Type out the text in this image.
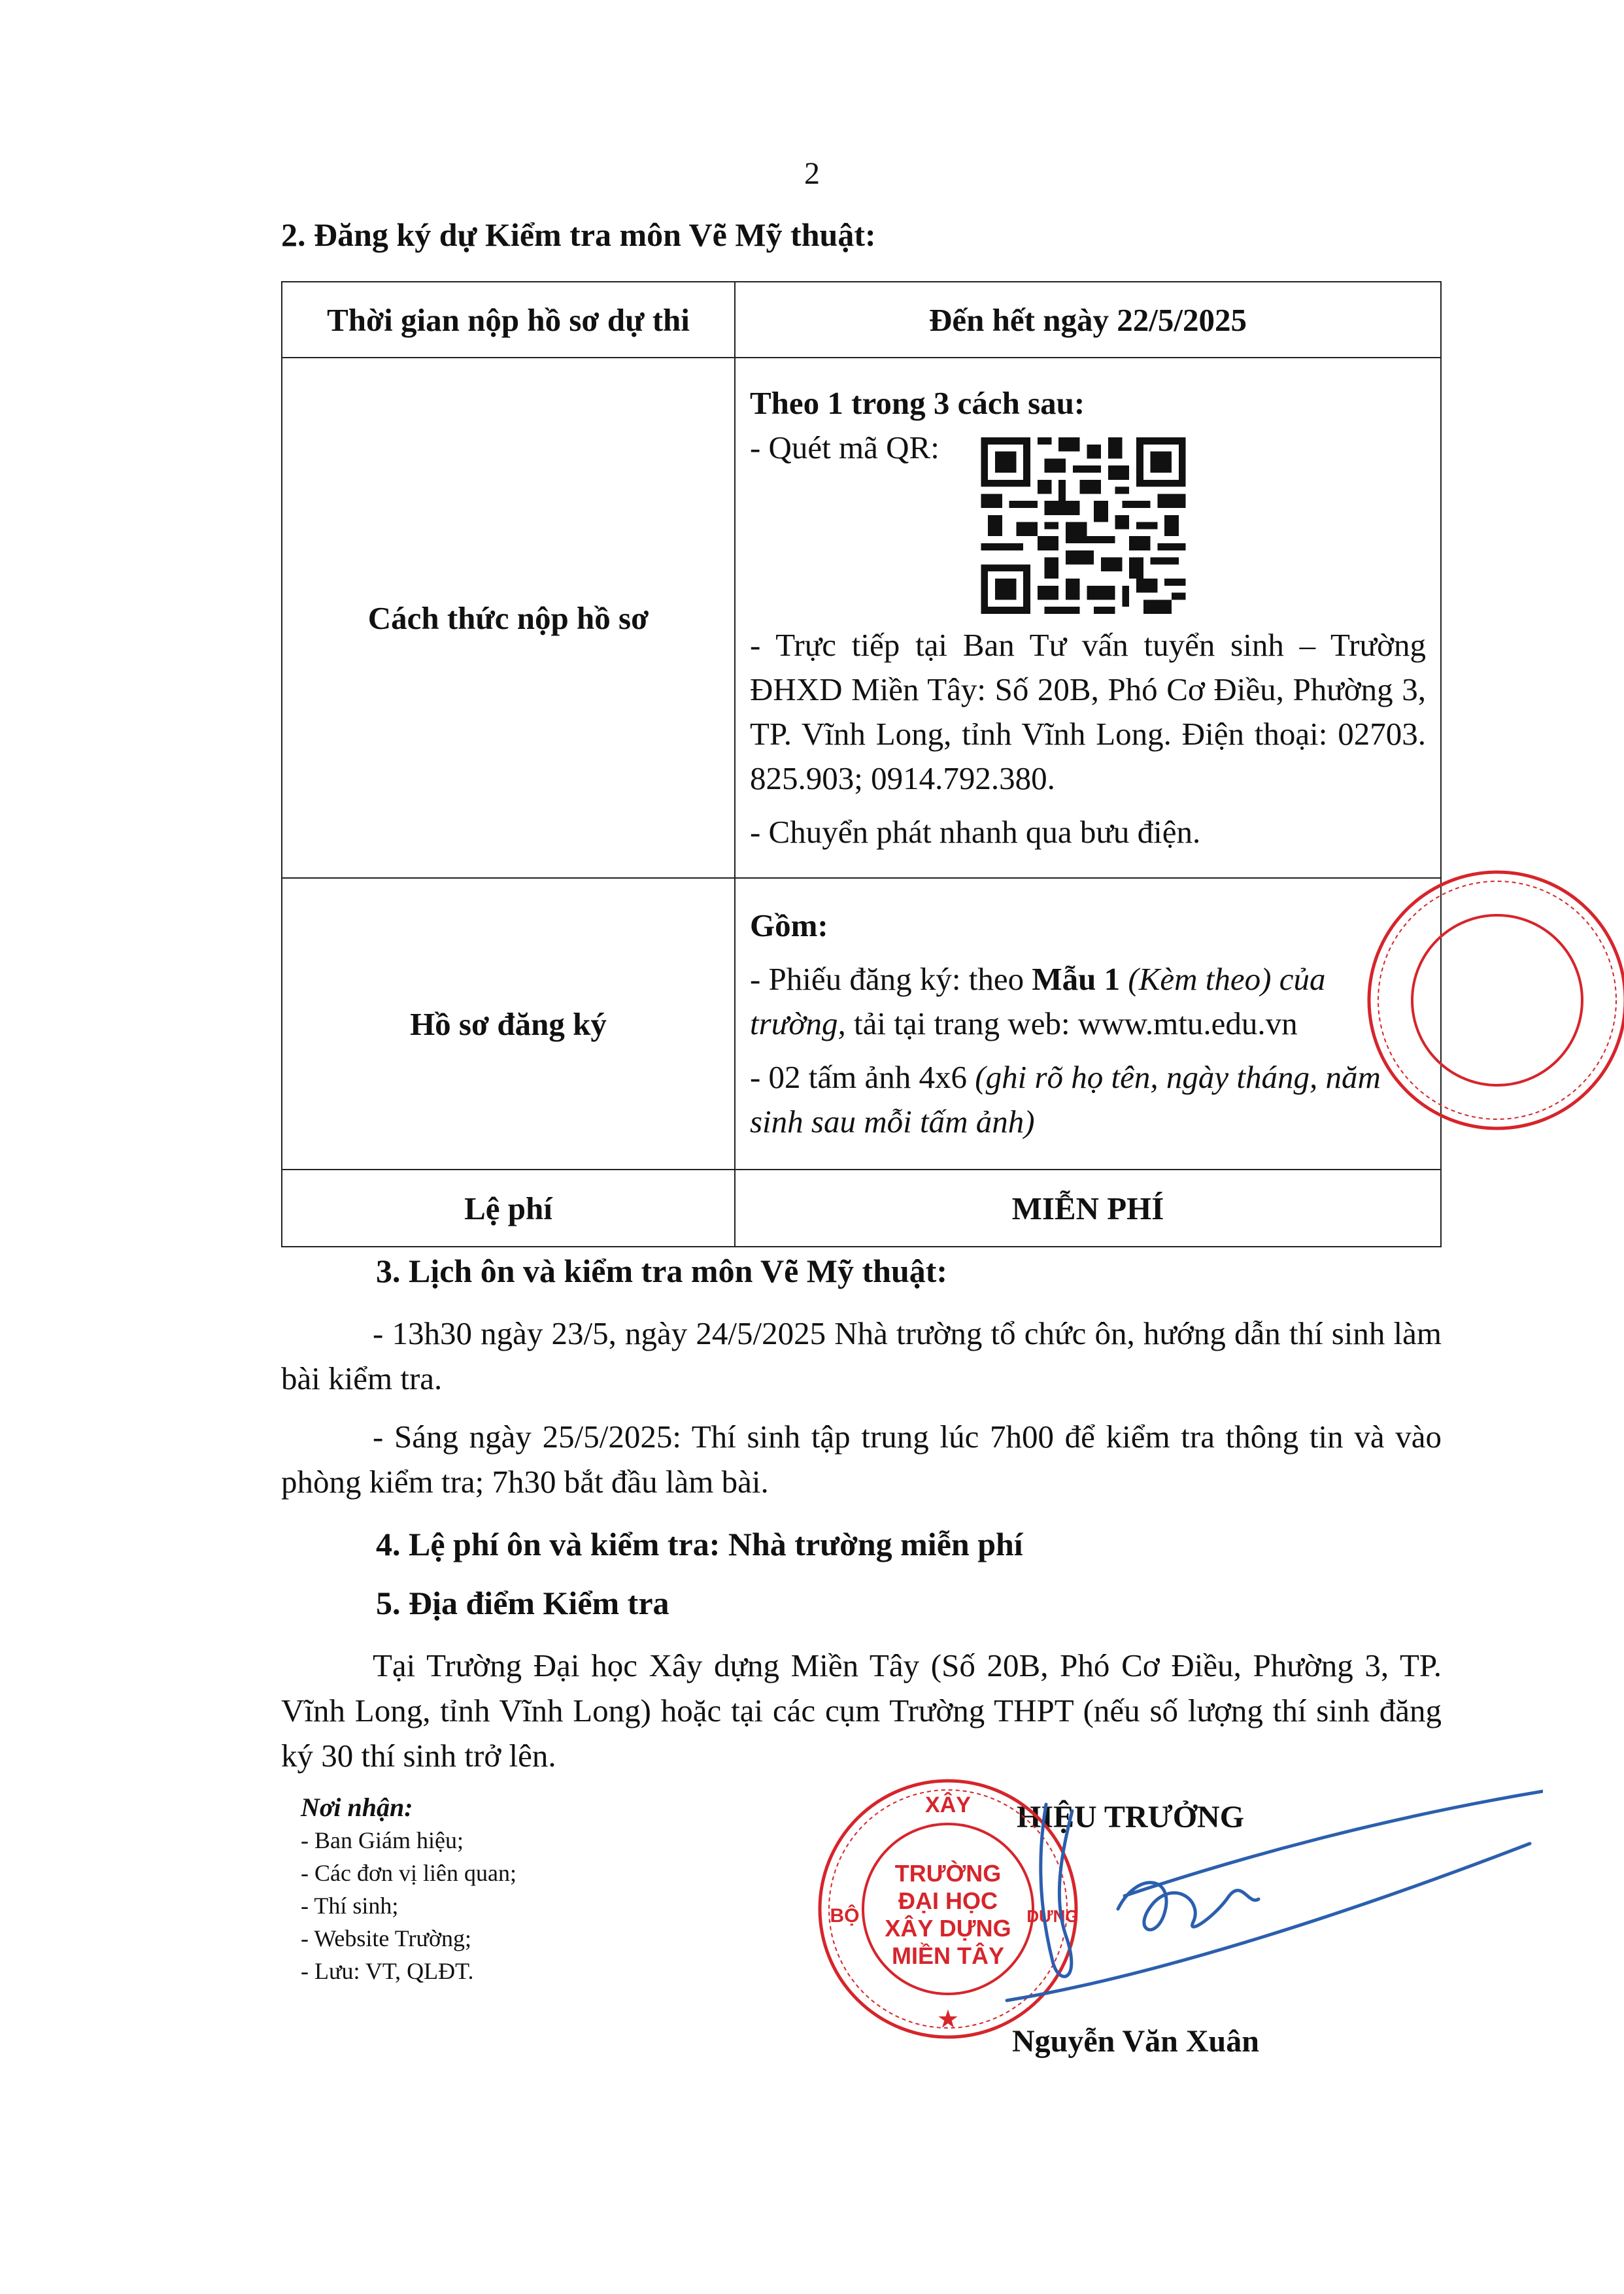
2
2. Đăng ký dự Kiểm tra môn Vẽ Mỹ thuật:
Thời gian nộp hồ sơ dự thi	Đến hết ngày 22/5/2025
Cách thức nộp hồ sơ	Theo 1 trong 3 cách sau:

- Quét mã QR:

- Trực tiếp tại Ban Tư vấn tuyển sinh – Trường ĐHXD Miền Tây: Số 20B, Phó Cơ Điều, Phường 3, TP. Vĩnh Long, tỉnh Vĩnh Long. Điện thoại: 02703. 825.903; 0914.792.380.

- Chuyển phát nhanh qua bưu điện.

Hồ sơ đăng ký	Gồm:

- Phiếu đăng ký: theo Mẫu 1 (Kèm theo) của trường, tải tại trang web: www.mtu.edu.vn

- 02 tấm ảnh 4x6 (ghi rõ họ tên, ngày tháng, năm sinh sau mỗi tấm ảnh)

Lệ phí	MIỄN PHÍ
3. Lịch ôn và kiểm tra môn Vẽ Mỹ thuật:
- 13h30 ngày 23/5, ngày 24/5/2025 Nhà trường tổ chức ôn, hướng dẫn thí sinh làm bài kiểm tra.
- Sáng ngày 25/5/2025: Thí sinh tập trung lúc 7h00 để kiểm tra thông tin và vào phòng kiểm tra; 7h30 bắt đầu làm bài.
4. Lệ phí ôn và kiểm tra: Nhà trường miễn phí
5. Địa điểm Kiểm tra
Tại Trường Đại học Xây dựng Miền Tây (Số 20B, Phó Cơ Điều, Phường 3, TP. Vĩnh Long, tỉnh Vĩnh Long) hoặc tại các cụm Trường THPT (nếu số lượng thí sinh đăng ký 30 thí sinh trở lên.
Nơi nhận:
- Ban Giám hiệu;
- Các đơn vị liên quan;
- Thí sinh;
- Website Trường;
- Lưu: VT, QLĐT.
HIỆU TRƯỞNG
TRƯỜNG
ĐẠI HỌC
XÂY DỰNG
MIỀN TÂY
XÂY
BỘ	DỰNG
★
Nguyễn Văn Xuân
